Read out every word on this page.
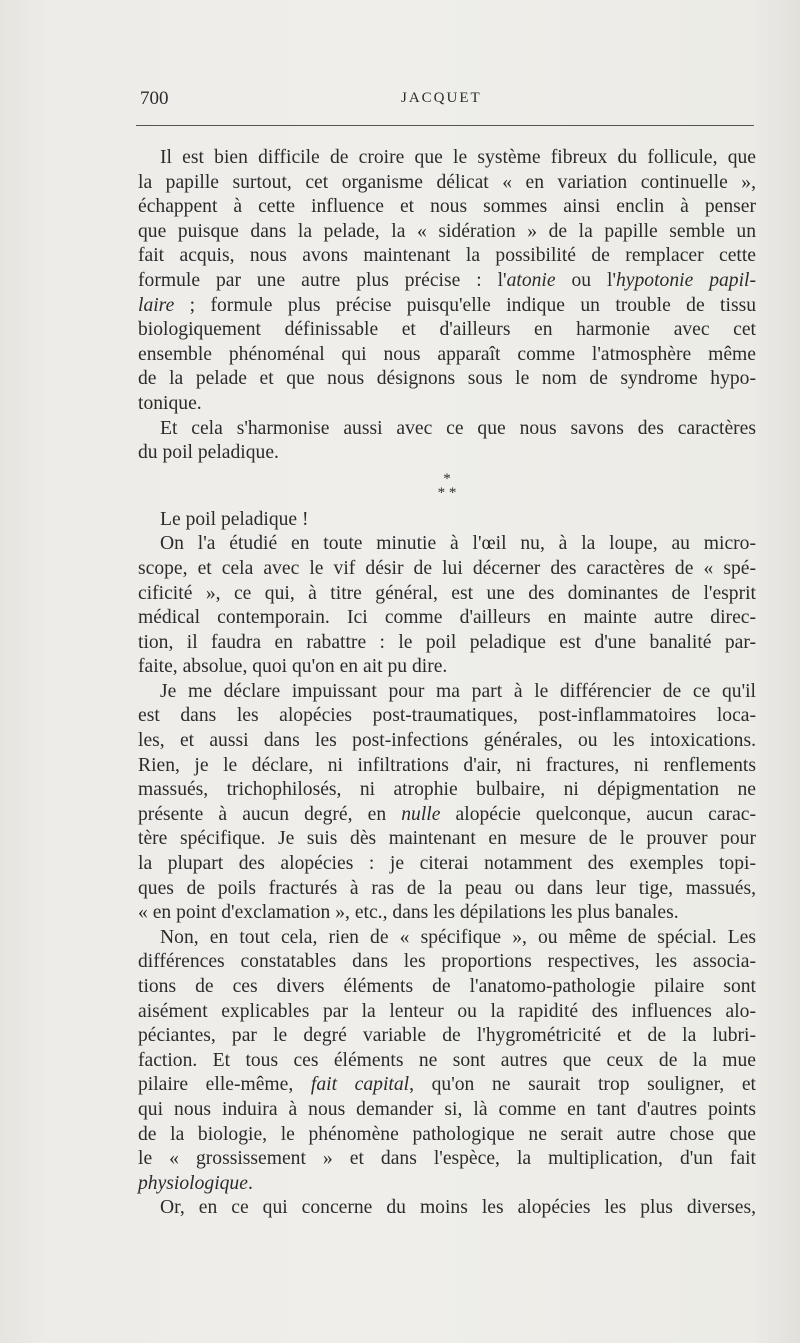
700	JACQUET
Il est bien difficile de croire que le système fibreux du follicule, que
la papille surtout, cet organisme délicat « en variation continuelle »,
échappent à cette influence et nous sommes ainsi enclin à penser
que puisque dans la pelade, la « sidération » de la papille semble un
fait acquis, nous avons maintenant la possibilité de remplacer cette
formule par une autre plus précise : l'atonie ou l'hypotonie papil-
laire ; formule plus précise puisqu'elle indique un trouble de tissu
biologiquement définissable et d'ailleurs en harmonie avec cet
ensemble phénoménal qui nous apparaît comme l'atmosphère même
de la pelade et que nous désignons sous le nom de syndrome hypo-
tonique.
Et cela s'harmonise aussi avec ce que nous savons des caractères
du poil peladique.
*
* *
Le poil peladique !
On l'a étudié en toute minutie à l'œil nu, à la loupe, au micro-
scope, et cela avec le vif désir de lui décerner des caractères de « spé-
cificité », ce qui, à titre général, est une des dominantes de l'esprit
médical contemporain. Ici comme d'ailleurs en mainte autre direc-
tion, il faudra en rabattre : le poil peladique est d'une banalité par-
faite, absolue, quoi qu'on en ait pu dire.
Je me déclare impuissant pour ma part à le différencier de ce qu'il
est dans les alopécies post-traumatiques, post-inflammatoires loca-
les, et aussi dans les post-infections générales, ou les intoxications.
Rien, je le déclare, ni infiltrations d'air, ni fractures, ni renflements
massués, trichophilosés, ni atrophie bulbaire, ni dépigmentation ne
présente à aucun degré, en nulle alopécie quelconque, aucun carac-
tère spécifique. Je suis dès maintenant en mesure de le prouver pour
la plupart des alopécies : je citerai notamment des exemples topi-
ques de poils fracturés à ras de la peau ou dans leur tige, massués,
« en point d'exclamation », etc., dans les dépilations les plus banales.
Non, en tout cela, rien de « spécifique », ou même de spécial. Les
différences constatables dans les proportions respectives, les associa-
tions de ces divers éléments de l'anatomo-pathologie pilaire sont
aisément explicables par la lenteur ou la rapidité des influences alo-
péciantes, par le degré variable de l'hygrométricité et de la lubri-
faction. Et tous ces éléments ne sont autres que ceux de la mue
pilaire elle-même, fait capital, qu'on ne saurait trop souligner, et
qui nous induira à nous demander si, là comme en tant d'autres points
de la biologie, le phénomène pathologique ne serait autre chose que
le « grossissement » et dans l'espèce, la multiplication, d'un fait
physiologique.
Or, en ce qui concerne du moins les alopécies les plus diverses,
